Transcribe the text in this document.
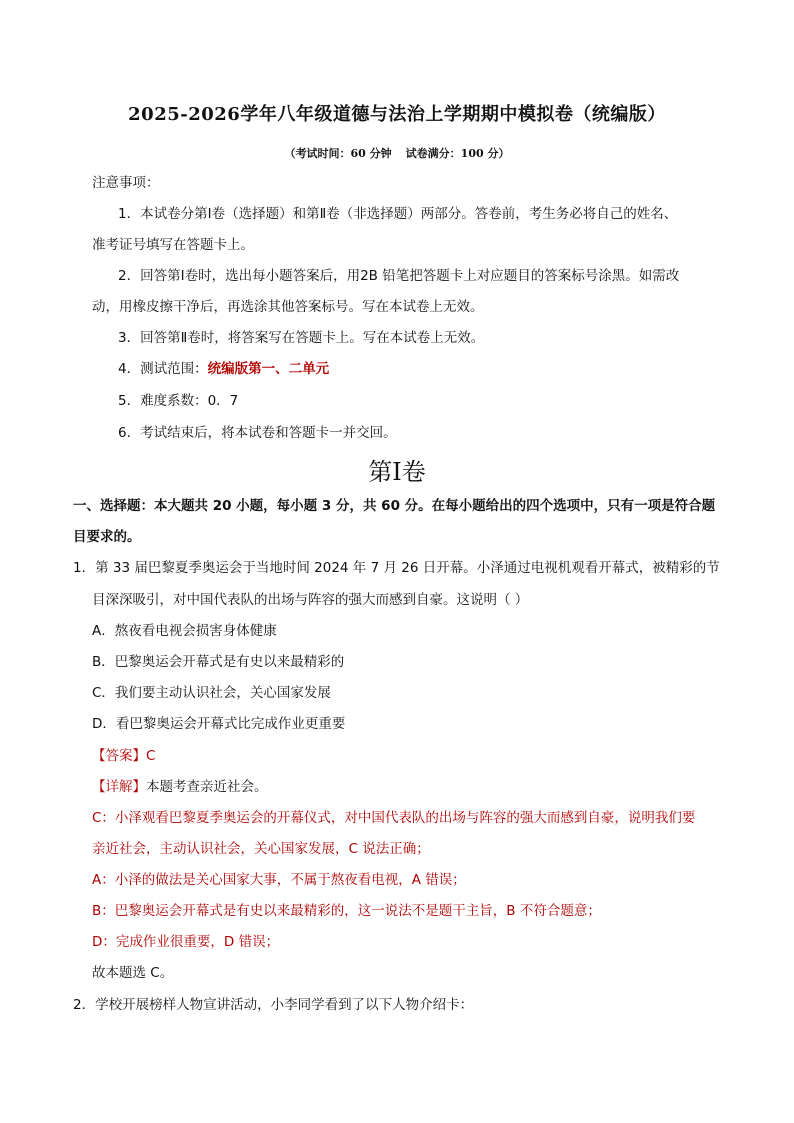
2025-2026学年八年级道德与法治上学期期中模拟卷（统编版）
（考试时间：60 分钟 试卷满分：100 分）
注意事项：
1．本试卷分第Ⅰ卷（选择题）和第Ⅱ卷（非选择题）两部分。答卷前，考生务必将自己的姓名、
准考证号填写在答题卡上。
2．回答第Ⅰ卷时，选出每小题答案后，用2B 铅笔把答题卡上对应题目的答案标号涂黑。如需改
动，用橡皮擦干净后，再选涂其他答案标号。写在本试卷上无效。
3．回答第Ⅱ卷时，将答案写在答题卡上。写在本试卷上无效。
4．测试范围：统编版第一、二单元
5．难度系数：0．7
6．考试结束后，将本试卷和答题卡一并交回。
第Ⅰ卷
一、选择题：本大题共 20 小题，每小题 3 分，共 60 分。在每小题给出的四个选项中，只有一项是符合题
目要求的。
1．第 33 届巴黎夏季奥运会于当地时间 2024 年 7 月 26 日开幕。小泽通过电视机观看开幕式，被精彩的节
目深深吸引，对中国代表队的出场与阵容的强大而感到自豪。这说明（ ）
A．熬夜看电视会损害身体健康
B．巴黎奥运会开幕式是有史以来最精彩的
C．我们要主动认识社会，关心国家发展
D．看巴黎奥运会开幕式比完成作业更重要
【答案】C
【详解】本题考查亲近社会。
C：小泽观看巴黎夏季奥运会的开幕仪式，对中国代表队的出场与阵容的强大而感到自豪，说明我们要
亲近社会，主动认识社会，关心国家发展，C 说法正确；
A：小泽的做法是关心国家大事，不属于熬夜看电视，A 错误；
B：巴黎奥运会开幕式是有史以来最精彩的，这一说法不是题干主旨，B 不符合题意；
D：完成作业很重要，D 错误；
故本题选 C。
2．学校开展榜样人物宣讲活动，小李同学看到了以下人物介绍卡：
